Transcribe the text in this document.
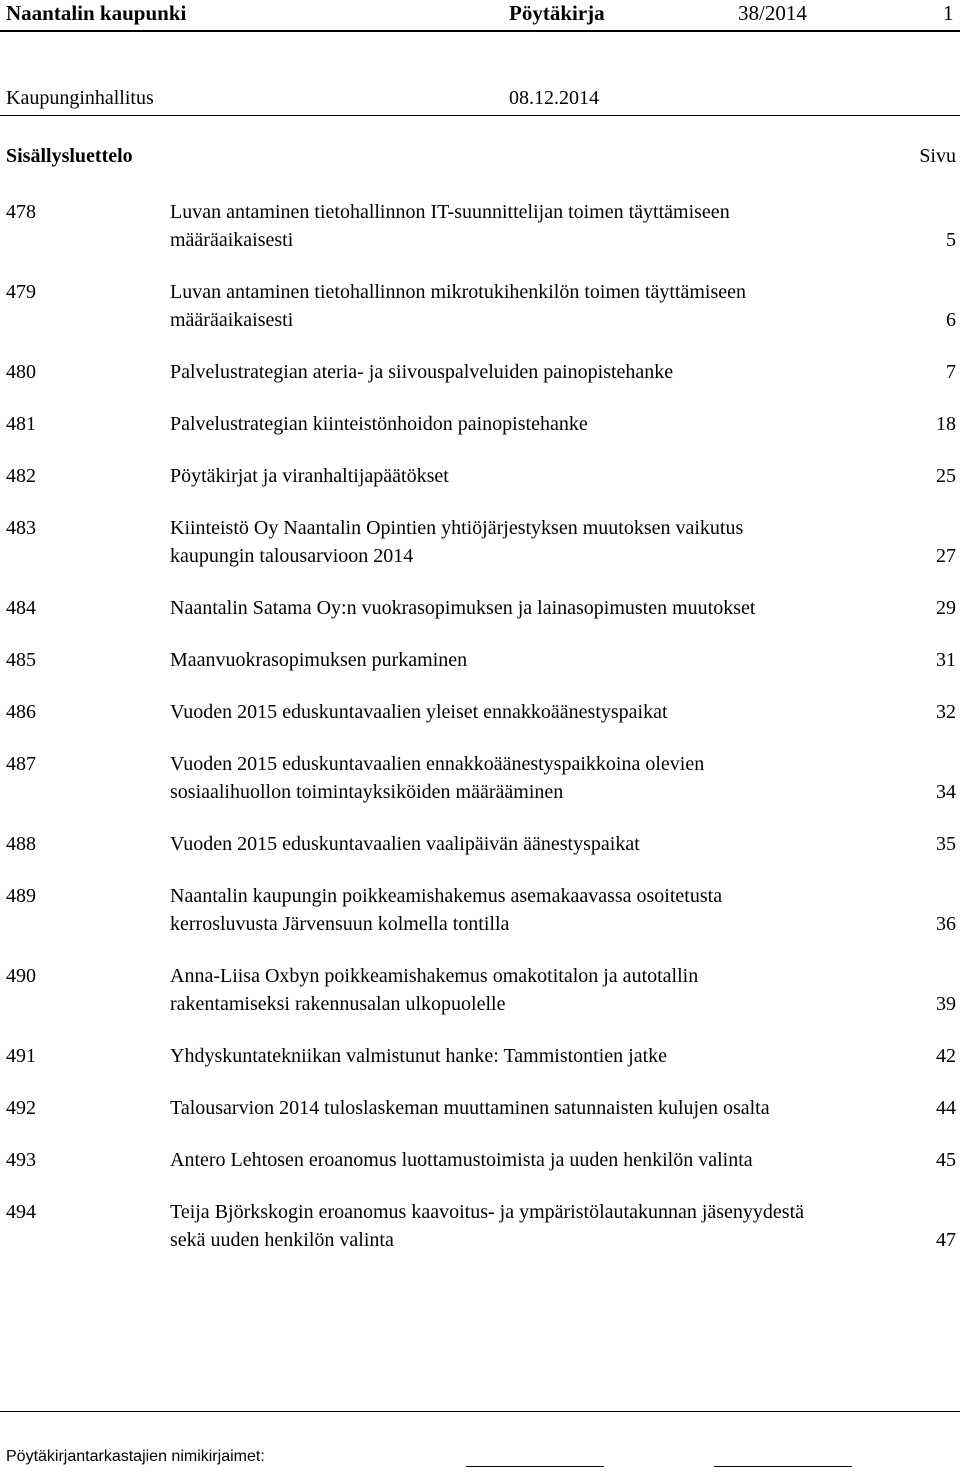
Naantalin kaupunki	Pöytäkirja	38/2014	1
Kaupunginhallitus	08.12.2014
Sisällysluettelo	Sivu
478	Luvan antaminen tietohallinnon IT-suunnittelijan toimen täyttämiseen määräaikaisesti	5
479	Luvan antaminen tietohallinnon mikrotukihenkilön toimen täyttämiseen määräaikaisesti	6
480	Palvelustrategian ateria- ja siivouspalveluiden painopistehanke	7
481	Palvelustrategian kiinteistönhoidon painopistehanke	18
482	Pöytäkirjat ja viranhaltijapäätökset	25
483	Kiinteistö Oy Naantalin Opintien yhtiöjärjestyksen muutoksen vaikutus kaupungin talousarvioon 2014	27
484	Naantalin Satama Oy:n vuokrasopimuksen ja lainasopimusten muutokset	29
485	Maanvuokrasopimuksen purkaminen	31
486	Vuoden 2015 eduskuntavaalien yleiset ennakkoäänestyspaikat	32
487	Vuoden 2015 eduskuntavaalien ennakkoäänestyspaikkoina olevien sosiaalihuollon toimintayksiköiden määrääminen	34
488	Vuoden 2015 eduskuntavaalien vaalipäivän äänestyspaikat	35
489	Naantalin kaupungin poikkeamishakemus asemakaavassa osoitetusta kerrosluvusta Järvensuun kolmella tontilla	36
490	Anna-Liisa Oxbyn poikkeamishakemus omakotitalon ja autotallin rakentamiseksi rakennusalan ulkopuolelle	39
491	Yhdyskuntatekniikan valmistunut hanke: Tammistontien jatke	42
492	Talousarvion 2014 tuloslaskeman muuttaminen satunnaisten kulujen osalta	44
493	Antero Lehtosen eroanomus luottamustoimista ja uuden henkilön valinta	45
494	Teija Björkskogin eroanomus kaavoitus- ja ympäristölautakunnan jäsenyydestä sekä uuden henkilön valinta	47
Pöytäkirjantarkastajien nimikirjaimet:
